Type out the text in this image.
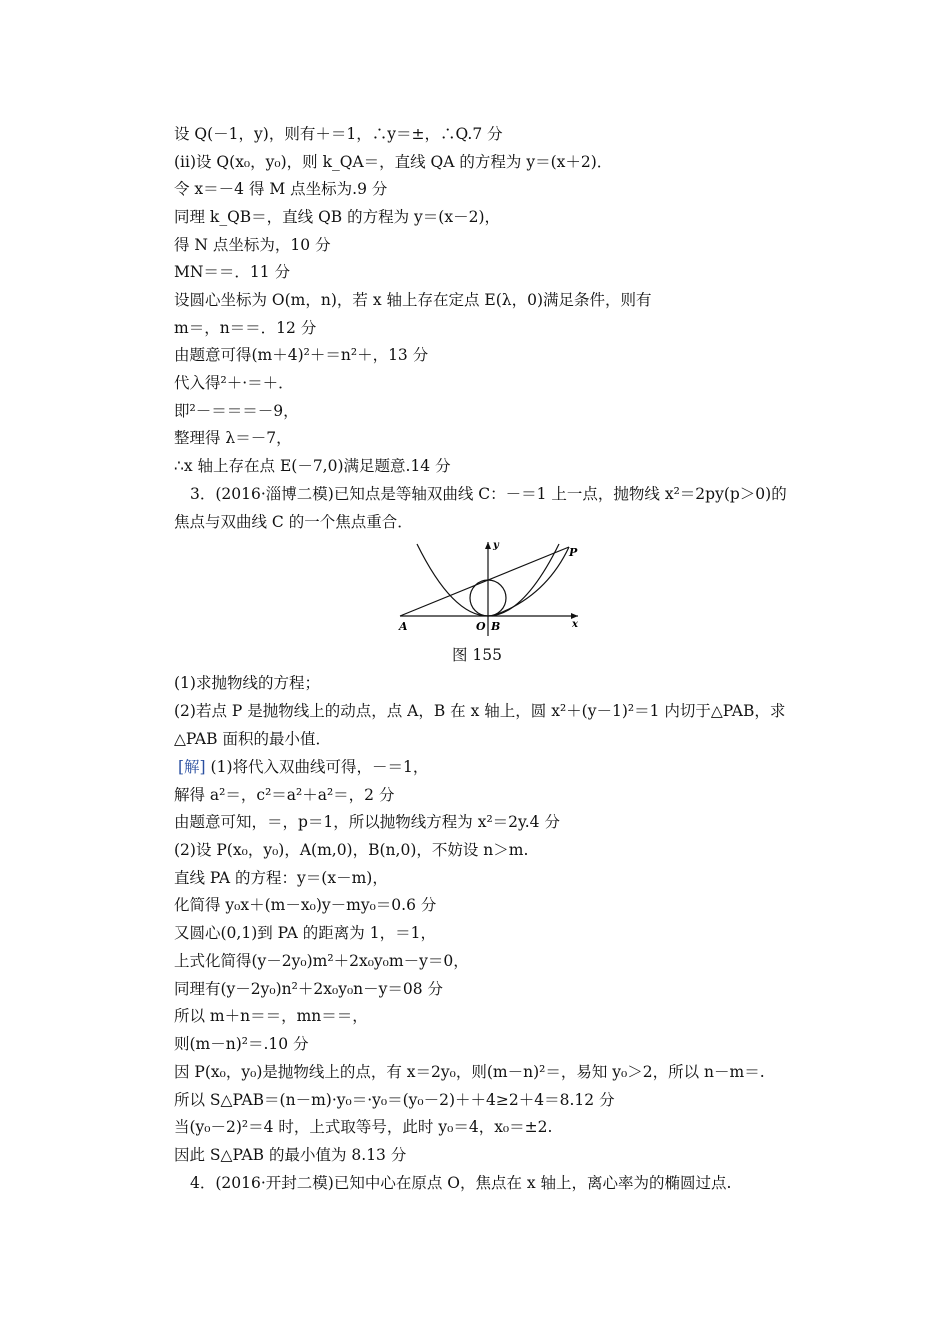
设 Q(－1，y)，则有＋＝1，∴y＝±，∴Q.7 分
(ⅱ)设 Q(x₀，y₀)，则 k_QA＝，直线 QA 的方程为 y＝(x＋2)．
令 x＝－4 得 M 点坐标为.9 分
同理 k_QB＝，直线 QB 的方程为 y＝(x－2)，
得 N 点坐标为，10 分
MN＝＝．11 分
设圆心坐标为 O(m，n)，若 x 轴上存在定点 E(λ，0)满足条件，则有
m＝，n＝＝．12 分
由题意可得(m＋4)²＋＝n²＋，13 分
代入得²＋·＝＋．
即²－＝＝＝－9，
整理得 λ＝－7，
∴x 轴上存在点 E(－7,0)满足题意.14 分
3．(2016·淄博二模)已知点是等轴双曲线 C：－＝1 上一点，抛物线 x²＝2py(p＞0)的
焦点与双曲线 C 的一个焦点重合．
(1)求抛物线的方程；
(2)若点 P 是抛物线上的动点，点 A，B 在 x 轴上，圆 x²＋(y－1)²＝1 内切于△PAB，求
△PAB 面积的最小值．
[解] (1)将代入双曲线可得，－＝1，
解得 a²＝，c²＝a²＋a²＝，2 分
由题意可知，＝，p＝1，所以抛物线方程为 x²＝2y.4 分
(2)设 P(x₀，y₀)，A(m,0)，B(n,0)，不妨设 n＞m.
直线 PA 的方程：y＝(x－m)，
化简得 y₀x＋(m－x₀)y－my₀＝0.6 分
又圆心(0,1)到 PA 的距离为 1，＝1，
上式化简得(y－2y₀)m²＋2x₀y₀m－y＝0，
同理有(y－2y₀)n²＋2x₀y₀n－y＝08 分
所以 m＋n＝＝，mn＝＝，
则(m－n)²＝.10 分
因 P(x₀，y₀)是抛物线上的点，有 x＝2y₀，则(m－n)²＝，易知 y₀＞2，所以 n－m＝.
所以 S△PAB＝(n－m)·y₀＝·y₀＝(y₀－2)＋＋4≥2＋4＝8.12 分
当(y₀－2)²＝4 时，上式取等号，此时 y₀＝4，x₀＝±2.
因此 S△PAB 的最小值为 8.13 分
4．(2016·开封二模)已知中心在原点 O，焦点在 x 轴上，离心率为的椭圆过点.
A	O B
P
x
y
图 155
